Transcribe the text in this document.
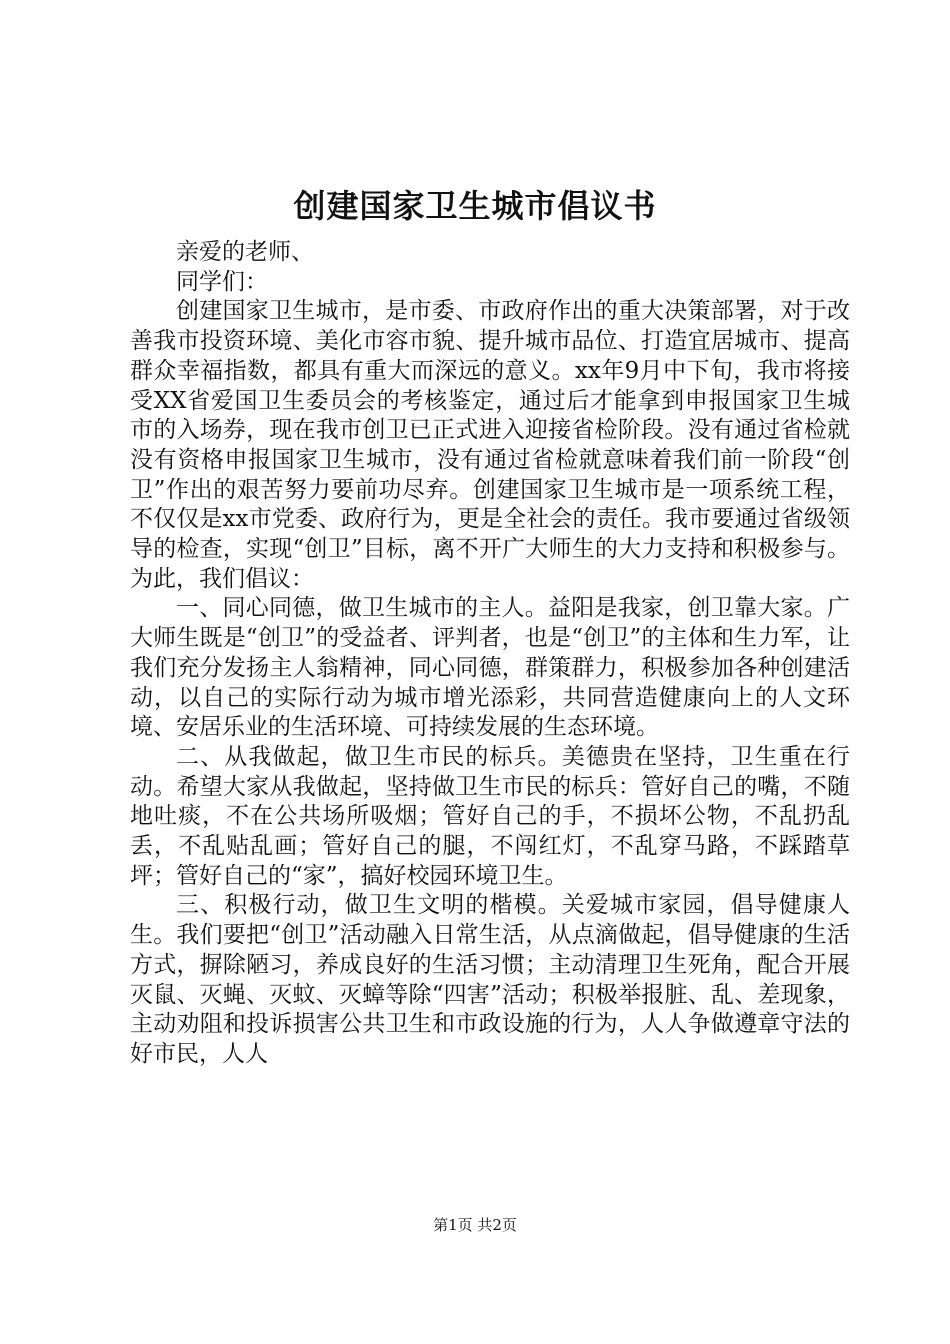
创建国家卫生城市倡议书

亲爱的老师、

同学们：

创建国家卫生城市，是市委、市政府作出的重大决策部署，对于改善我市投资环境、美化市容市貌、提升城市品位、打造宜居城市、提高群众幸福指数，都具有重大而深远的意义。xx年9月中下旬，我市将接受XX省爱国卫生委员会的考核鉴定，通过后才能拿到申报国家卫生城市的入场券，现在我市创卫已正式进入迎接省检阶段。没有通过省检就没有资格申报国家卫生城市，没有通过省检就意味着我们前一阶段“创卫”作出的艰苦努力要前功尽弃。创建国家卫生城市是一项系统工程，不仅仅是xx市党委、政府行为，更是全社会的责任。我市要通过省级领导的检查，实现“创卫”目标，离不开广大师生的大力支持和积极参与。为此，我们倡议：

一、同心同德，做卫生城市的主人。益阳是我家，创卫靠大家。广大师生既是“创卫”的受益者、评判者，也是“创卫”的主体和生力军，让我们充分发扬主人翁精神，同心同德，群策群力，积极参加各种创建活动，以自己的实际行动为城市增光添彩，共同营造健康向上的人文环境、安居乐业的生活环境、可持续发展的生态环境。

二、从我做起，做卫生市民的标兵。美德贵在坚持，卫生重在行动。希望大家从我做起，坚持做卫生市民的标兵：管好自己的嘴，不随地吐痰，不在公共场所吸烟；管好自己的手，不损坏公物，不乱扔乱丢，不乱贴乱画；管好自己的腿，不闯红灯，不乱穿马路，不踩踏草坪；管好自己的“家”，搞好校园环境卫生。

三、积极行动，做卫生文明的楷模。关爱城市家园，倡导健康人生。我们要把“创卫”活动融入日常生活，从点滴做起，倡导健康的生活方式，摒除陋习，养成良好的生活习惯；主动清理卫生死角，配合开展灭鼠、灭蝇、灭蚊、灭蟑等除“四害”活动；积极举报脏、乱、差现象，主动劝阻和投诉损害公共卫生和市政设施的行为，人人争做遵章守法的好市民，人人

第1页 共2页
